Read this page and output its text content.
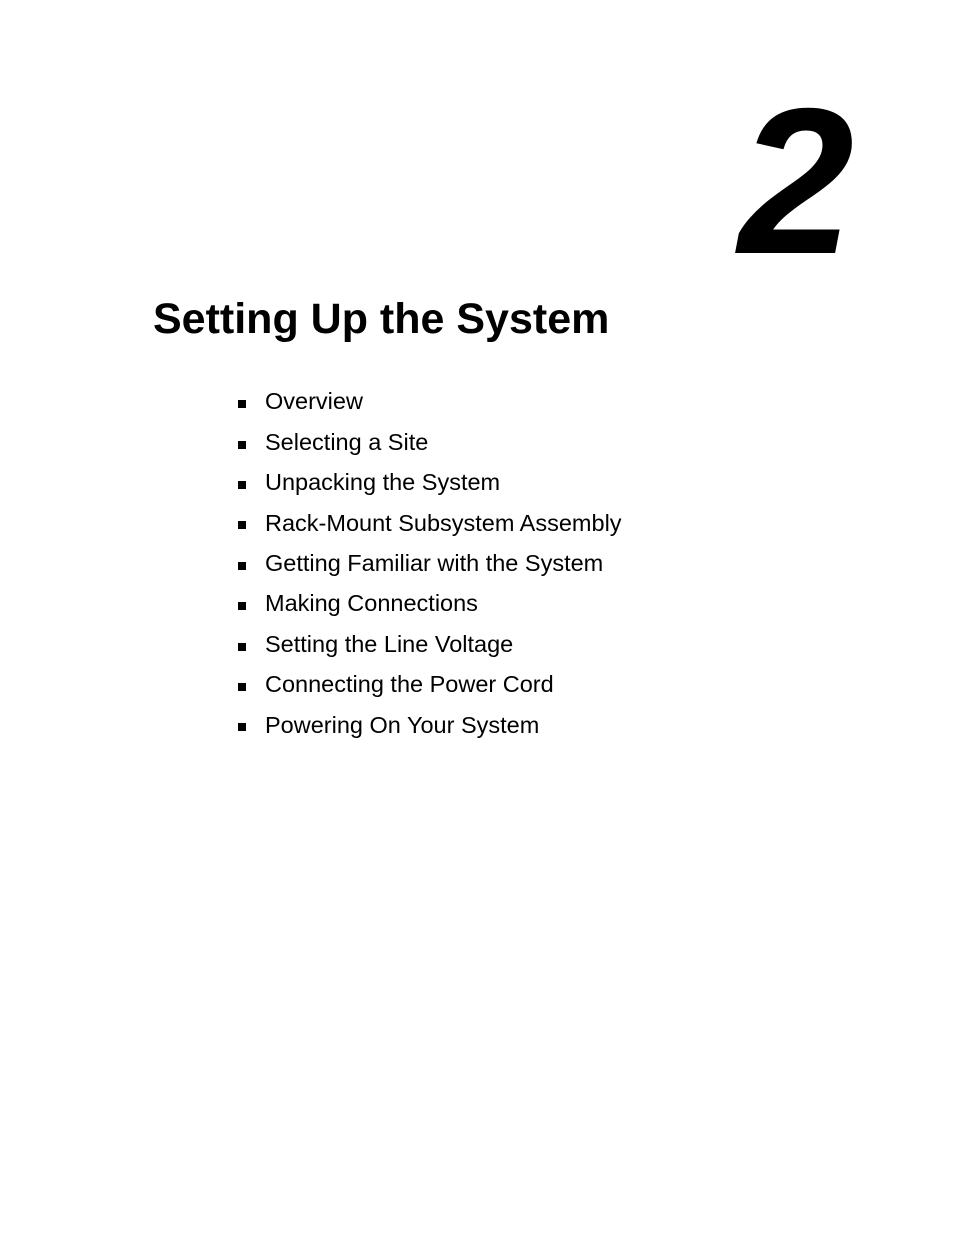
2
Setting Up the System
Overview
Selecting a Site
Unpacking the System
Rack-Mount Subsystem Assembly
Getting Familiar with the System
Making Connections
Setting the Line Voltage
Connecting the Power Cord
Powering On Your System
